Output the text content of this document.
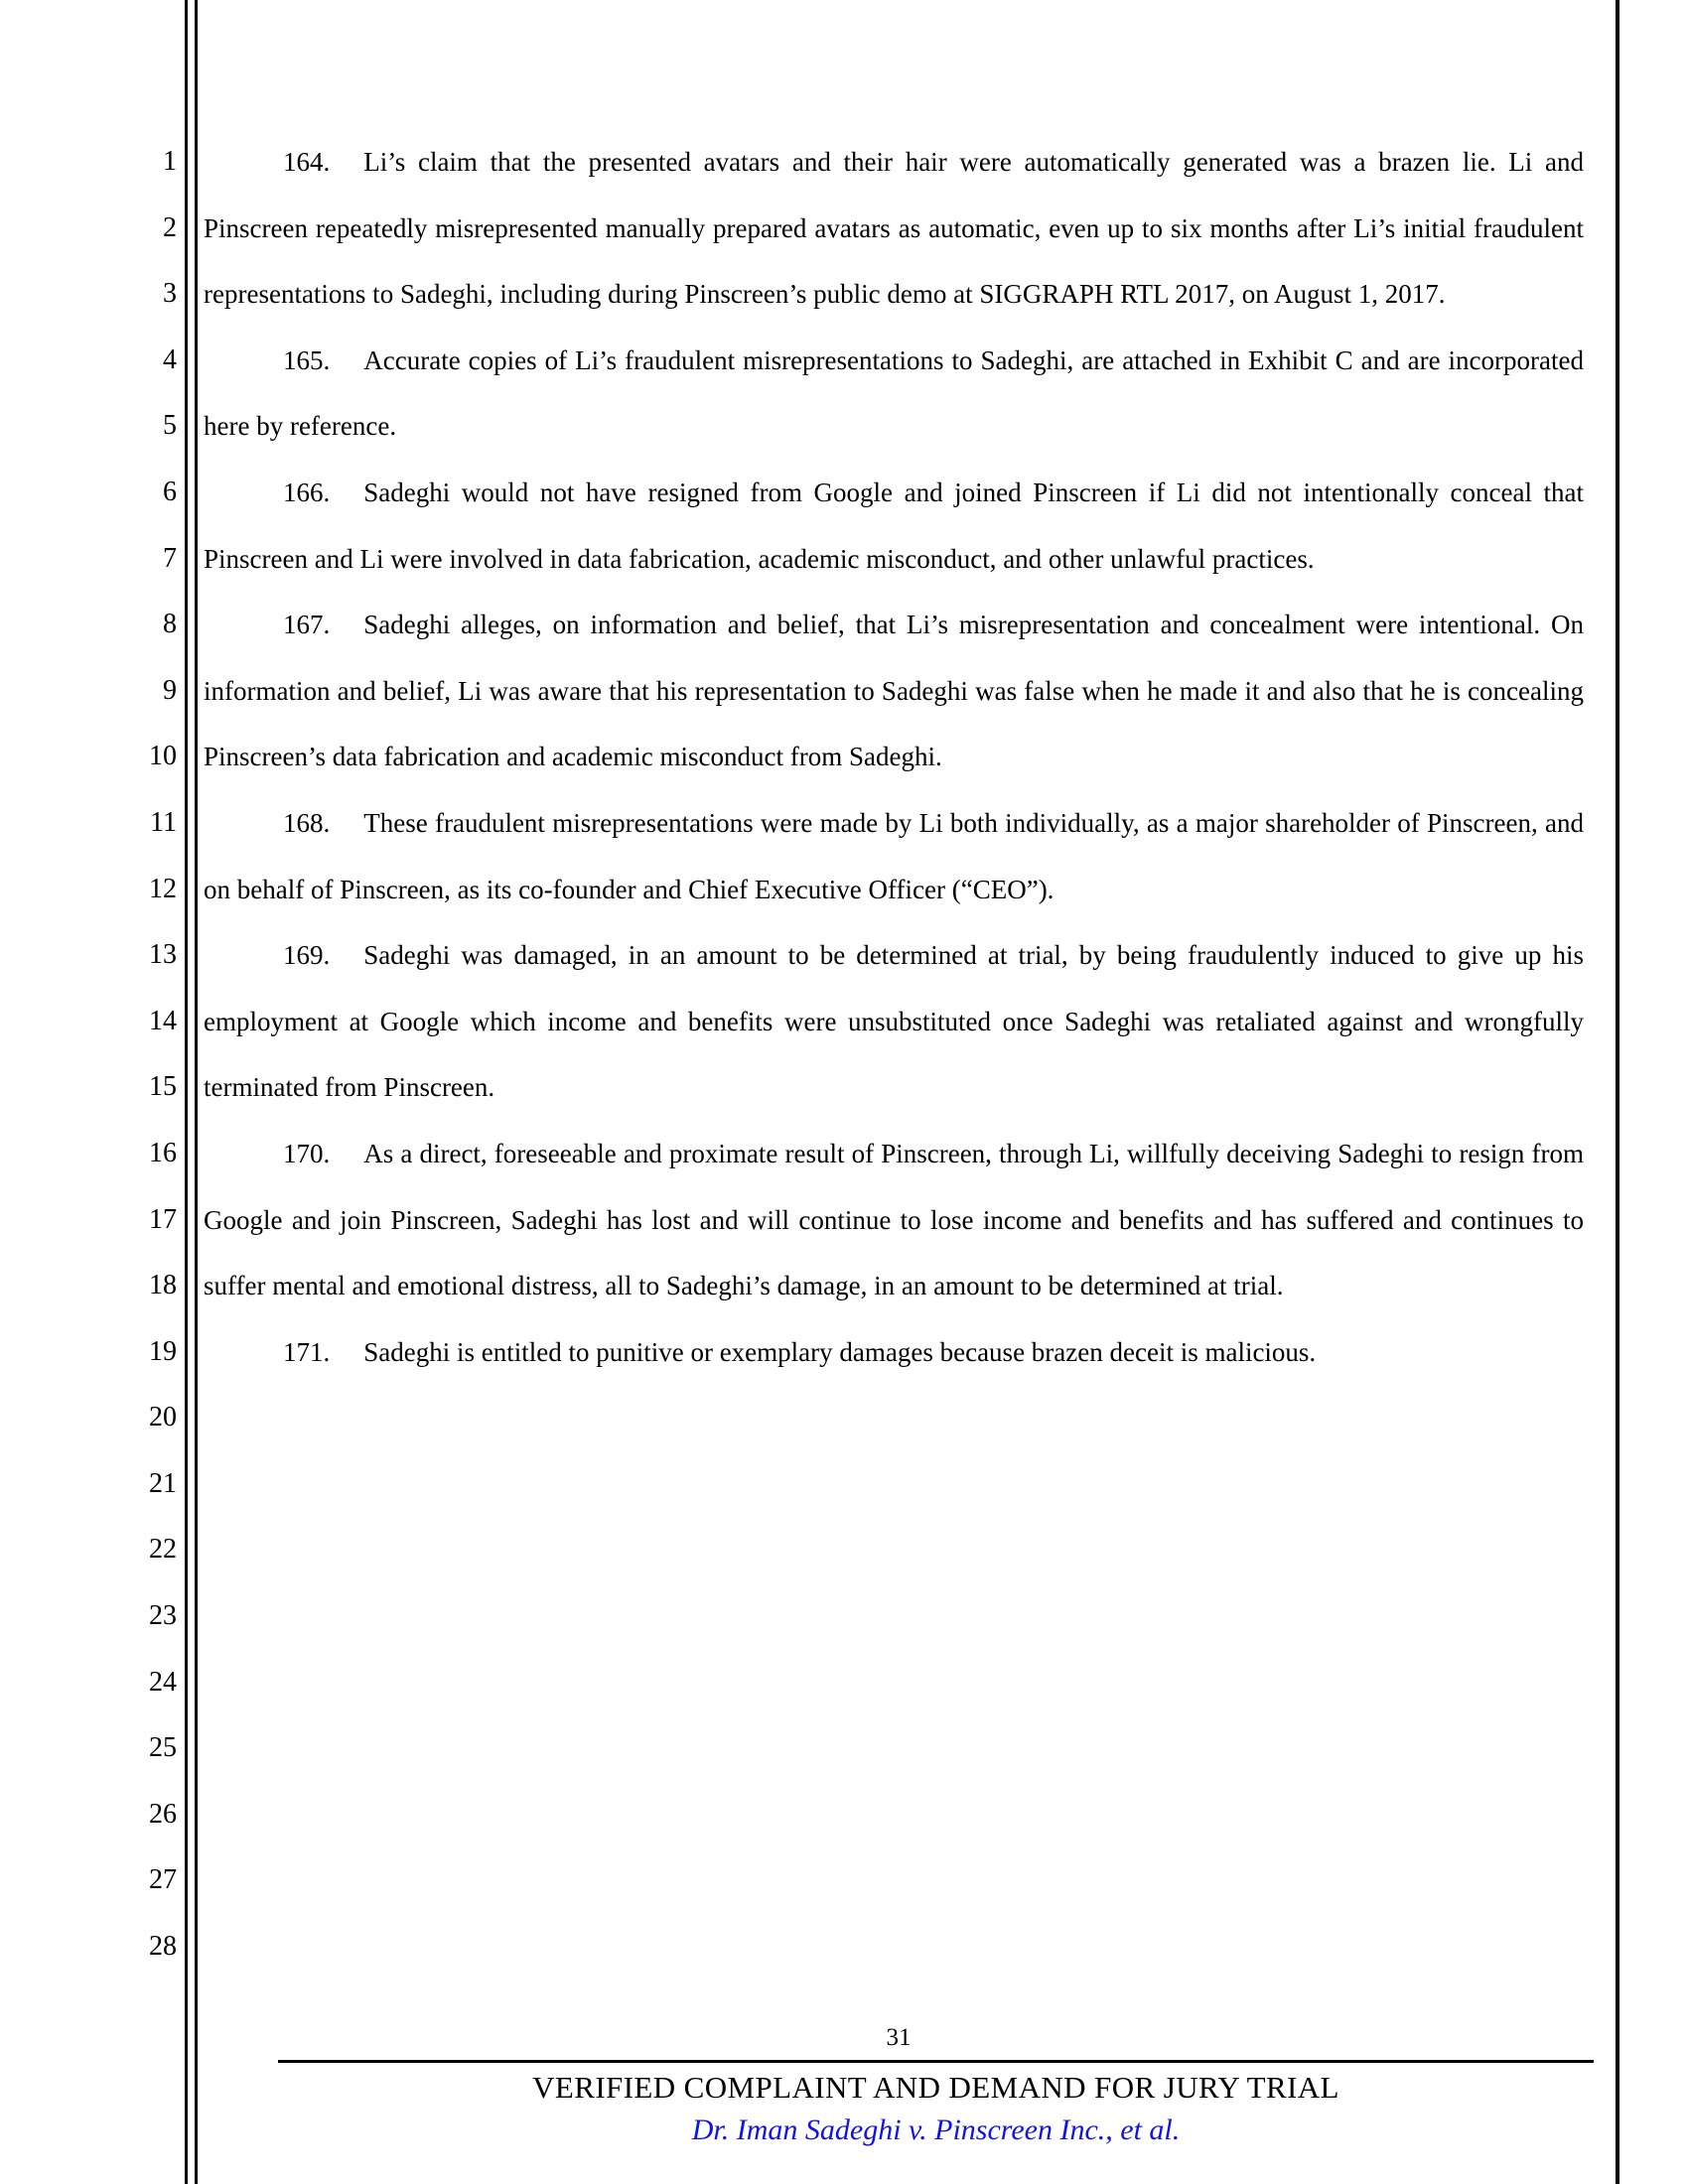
1
2
3
4
5
6
7
8
9
10
11
12
13
14
15
16
17
18
19
20
21
22
23
24
25
26
27
28

164. Li’s claim that the presented avatars and their hair were automatically generated was a brazen lie. Li and Pinscreen repeatedly misrepresented manually prepared avatars as automatic, even up to six months after Li’s initial fraudulent representations to Sadeghi, including during Pinscreen’s public demo at SIGGRAPH RTL 2017, on August 1, 2017.

165. Accurate copies of Li’s fraudulent misrepresentations to Sadeghi, are attached in Exhibit C and are incorporated here by reference.

166. Sadeghi would not have resigned from Google and joined Pinscreen if Li did not intentionally conceal that Pinscreen and Li were involved in data fabrication, academic misconduct, and other unlawful practices.

167. Sadeghi alleges, on information and belief, that Li’s misrepresentation and concealment were intentional. On information and belief, Li was aware that his representation to Sadeghi was false when he made it and also that he is concealing Pinscreen’s data fabrication and academic misconduct from Sadeghi.

168. These fraudulent misrepresentations were made by Li both individually, as a major shareholder of Pinscreen, and on behalf of Pinscreen, as its co-founder and Chief Executive Officer (“CEO”).

169. Sadeghi was damaged, in an amount to be determined at trial, by being fraudulently induced to give up his employment at Google which income and benefits were unsubstituted once Sadeghi was retaliated against and wrongfully terminated from Pinscreen.

170. As a direct, foreseeable and proximate result of Pinscreen, through Li, willfully deceiving Sadeghi to resign from Google and join Pinscreen, Sadeghi has lost and will continue to lose income and benefits and has suffered and continues to suffer mental and emotional distress, all to Sadeghi’s damage, in an amount to be determined at trial.

171. Sadeghi is entitled to punitive or exemplary damages because brazen deceit is malicious.

31
VERIFIED COMPLAINT AND DEMAND FOR JURY TRIAL
Dr. Iman Sadeghi v. Pinscreen Inc., et al.
